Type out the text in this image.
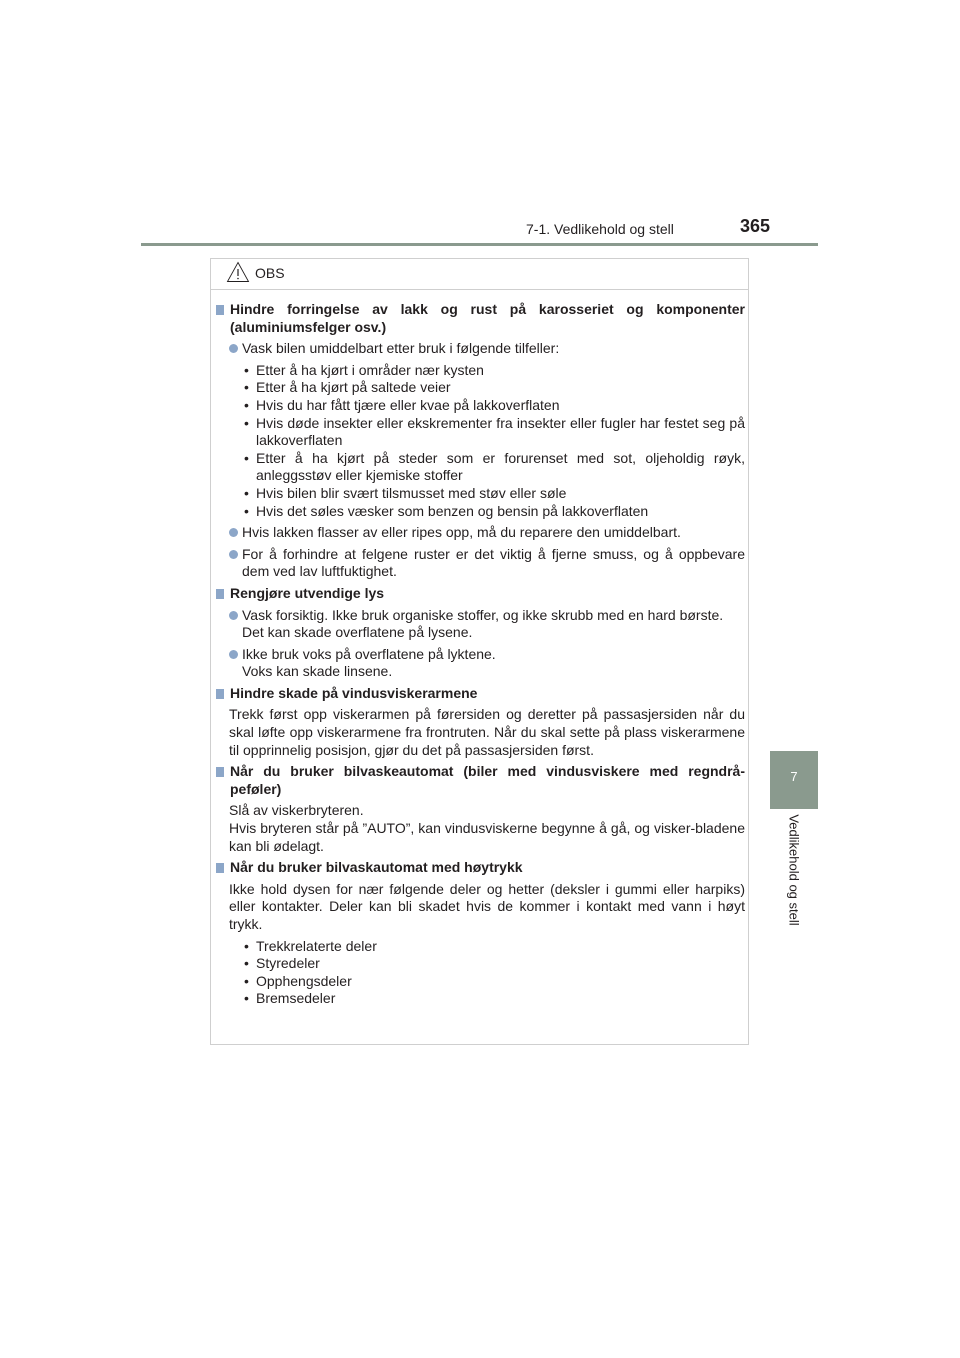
7-1. Vedlikehold og stell	365
7
Vedlikehold og stell
OBS
Hindre forringelse av lakk og rust på karosseriet og komponenter (aluminiumsfelger osv.)
Vask bilen umiddelbart etter bruk i følgende tilfeller:
• Etter å ha kjørt i områder nær kysten
• Etter å ha kjørt på saltede veier
• Hvis du har fått tjære eller kvae på lakkoverflaten
• Hvis døde insekter eller ekskrementer fra insekter eller fugler har festet seg på lakkoverflaten
• Etter å ha kjørt på steder som er forurenset med sot, oljeholdig røyk, anleggsstøv eller kjemiske stoffer
• Hvis bilen blir svært tilsmusset med støv eller søle
• Hvis det søles væsker som benzen og bensin på lakkoverflaten
Hvis lakken flasser av eller ripes opp, må du reparere den umiddelbart.
For å forhindre at felgene ruster er det viktig å fjerne smuss, og å oppbevare dem ved lav luftfuktighet.
Rengjøre utvendige lys
Vask forsiktig. Ikke bruk organiske stoffer, og ikke skrubb med en hard børste.
Det kan skade overflatene på lysene.
Ikke bruk voks på overflatene på lyktene.
Voks kan skade linsene.
Hindre skade på vindusviskerarmene
Trekk først opp viskerarmen på førersiden og deretter på passasjersiden når du skal løfte opp viskerarmene fra frontruten. Når du skal sette på plass viskerarmene til opprinnelig posisjon, gjør du det på passasjersiden først.
Når du bruker bilvaskeautomat (biler med vindusviskere med regndrå-peføler)
Slå av viskerbryteren.
Hvis bryteren står på ”AUTO”, kan vindusviskerne begynne å gå, og visker-bladene kan bli ødelagt.
Når du bruker bilvaskautomat med høytrykk
Ikke hold dysen for nær følgende deler og hetter (deksler i gummi eller harpiks) eller kontakter. Deler kan bli skadet hvis de kommer i kontakt med vann i høyt trykk.
• Trekkrelaterte deler
• Styredeler
• Opphengsdeler
• Bremsedeler
